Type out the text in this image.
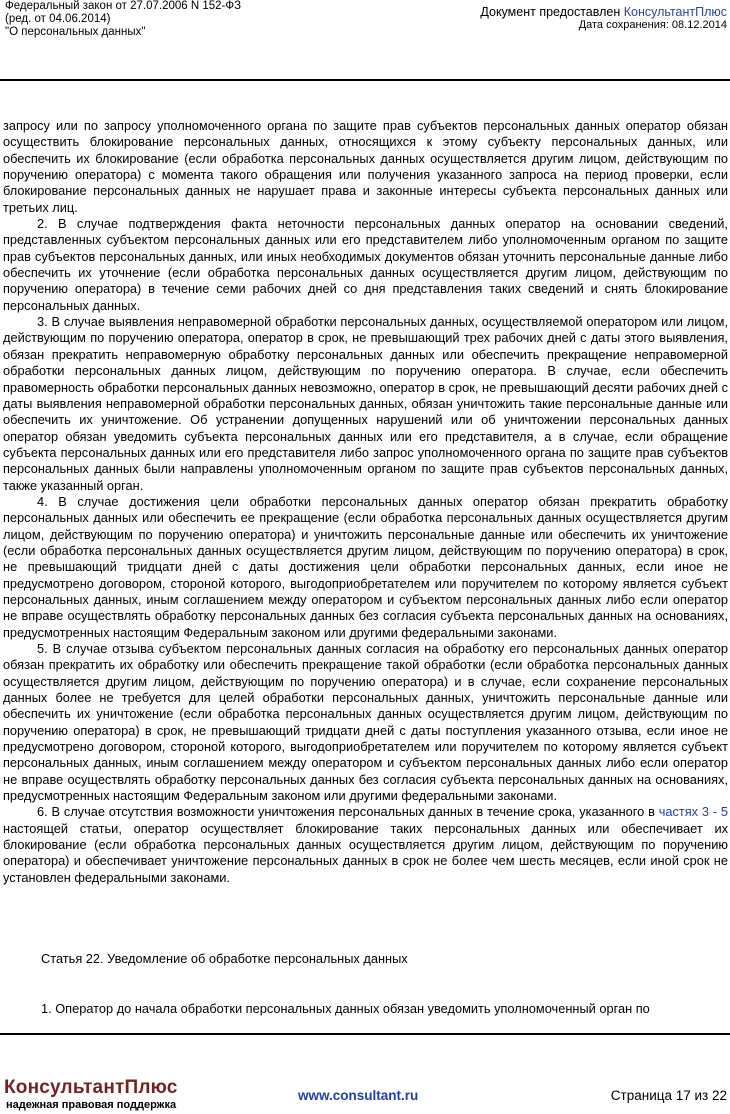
Федеральный закон от 27.07.2006 N 152-ФЗ
(ред. от 04.06.2014)
"О персональных данных"
Документ предоставлен КонсультантПлюс
Дата сохранения: 08.12.2014

запросу или по запросу уполномоченного органа по защите прав субъектов персональных данных оператор обязан осуществить блокирование персональных данных, относящихся к этому субъекту персональных данных, или обеспечить их блокирование (если обработка персональных данных осуществляется другим лицом, действующим по поручению оператора) с момента такого обращения или получения указанного запроса на период проверки, если блокирование персональных данных не нарушает права и законные интересы субъекта персональных данных или третьих лиц.

2. В случае подтверждения факта неточности персональных данных оператор на основании сведений, представленных субъектом персональных данных или его представителем либо уполномоченным органом по защите прав субъектов персональных данных, или иных необходимых документов обязан уточнить персональные данные либо обеспечить их уточнение (если обработка персональных данных осуществляется другим лицом, действующим по поручению оператора) в течение семи рабочих дней со дня представления таких сведений и снять блокирование персональных данных.

3. В случае выявления неправомерной обработки персональных данных, осуществляемой оператором или лицом, действующим по поручению оператора, оператор в срок, не превышающий трех рабочих дней с даты этого выявления, обязан прекратить неправомерную обработку персональных данных или обеспечить прекращение неправомерной обработки персональных данных лицом, действующим по поручению оператора. В случае, если обеспечить правомерность обработки персональных данных невозможно, оператор в срок, не превышающий десяти рабочих дней с даты выявления неправомерной обработки персональных данных, обязан уничтожить такие персональные данные или обеспечить их уничтожение. Об устранении допущенных нарушений или об уничтожении персональных данных оператор обязан уведомить субъекта персональных данных или его представителя, а в случае, если обращение субъекта персональных данных или его представителя либо запрос уполномоченного органа по защите прав субъектов персональных данных были направлены уполномоченным органом по защите прав субъектов персональных данных, также указанный орган.

4. В случае достижения цели обработки персональных данных оператор обязан прекратить обработку персональных данных или обеспечить ее прекращение (если обработка персональных данных осуществляется другим лицом, действующим по поручению оператора) и уничтожить персональные данные или обеспечить их уничтожение (если обработка персональных данных осуществляется другим лицом, действующим по поручению оператора) в срок, не превышающий тридцати дней с даты достижения цели обработки персональных данных, если иное не предусмотрено договором, стороной которого, выгодоприобретателем или поручителем по которому является субъект персональных данных, иным соглашением между оператором и субъектом персональных данных либо если оператор не вправе осуществлять обработку персональных данных без согласия субъекта персональных данных на основаниях, предусмотренных настоящим Федеральным законом или другими федеральными законами.

5. В случае отзыва субъектом персональных данных согласия на обработку его персональных данных оператор обязан прекратить их обработку или обеспечить прекращение такой обработки (если обработка персональных данных осуществляется другим лицом, действующим по поручению оператора) и в случае, если сохранение персональных данных более не требуется для целей обработки персональных данных, уничтожить персональные данные или обеспечить их уничтожение (если обработка персональных данных осуществляется другим лицом, действующим по поручению оператора) в срок, не превышающий тридцати дней с даты поступления указанного отзыва, если иное не предусмотрено договором, стороной которого, выгодоприобретателем или поручителем по которому является субъект персональных данных, иным соглашением между оператором и субъектом персональных данных либо если оператор не вправе осуществлять обработку персональных данных без согласия субъекта персональных данных на основаниях, предусмотренных настоящим Федеральным законом или другими федеральными законами.

6. В случае отсутствия возможности уничтожения персональных данных в течение срока, указанного в частях 3 - 5 настоящей статьи, оператор осуществляет блокирование таких персональных данных или обеспечивает их блокирование (если обработка персональных данных осуществляется другим лицом, действующим по поручению оператора) и обеспечивает уничтожение персональных данных в срок не более чем шесть месяцев, если иной срок не установлен федеральными законами.

Статья 22. Уведомление об обработке персональных данных
1. Оператор до начала обработки персональных данных обязан уведомить уполномоченный орган по
КонсультантПлюс
надежная правовая поддержка
www.consultant.ru	Страница 17 из 22
